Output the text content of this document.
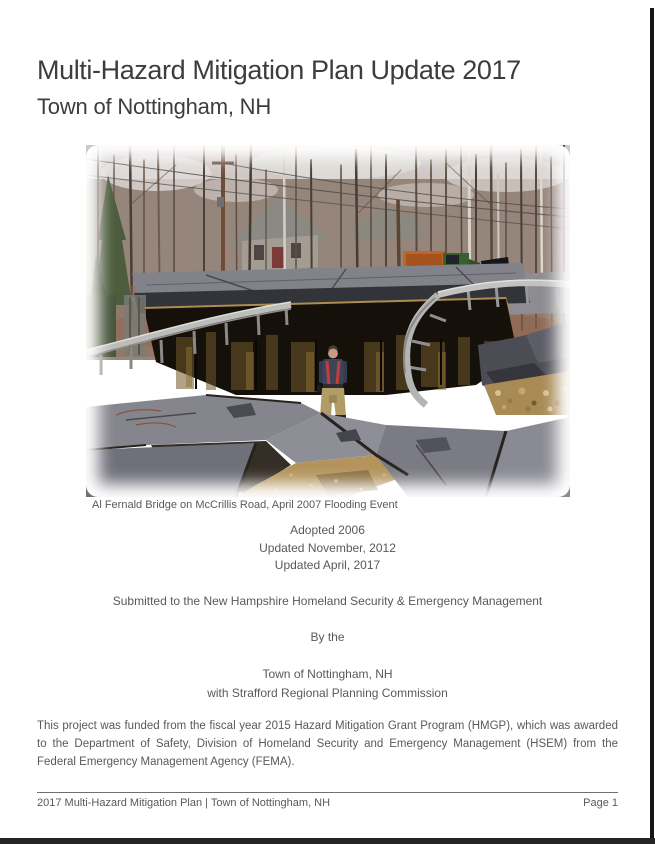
Multi-Hazard Mitigation Plan Update 2017
Town of Nottingham, NH
Al Fernald Bridge on McCrillis Road, April 2007 Flooding Event
Adopted 2006
Updated November, 2012
Updated April, 2017
Submitted to the New Hampshire Homeland Security & Emergency Management
By the
Town of Nottingham, NH
with Strafford Regional Planning Commission
This project was funded from the fiscal year 2015 Hazard Mitigation Grant Program (HMGP), which was awarded to the Department of Safety, Division of Homeland Security and Emergency Management (HSEM) from the Federal Emergency Management Agency (FEMA).
2017 Multi-Hazard Mitigation Plan | Town of Nottingham, NH	Page 1
